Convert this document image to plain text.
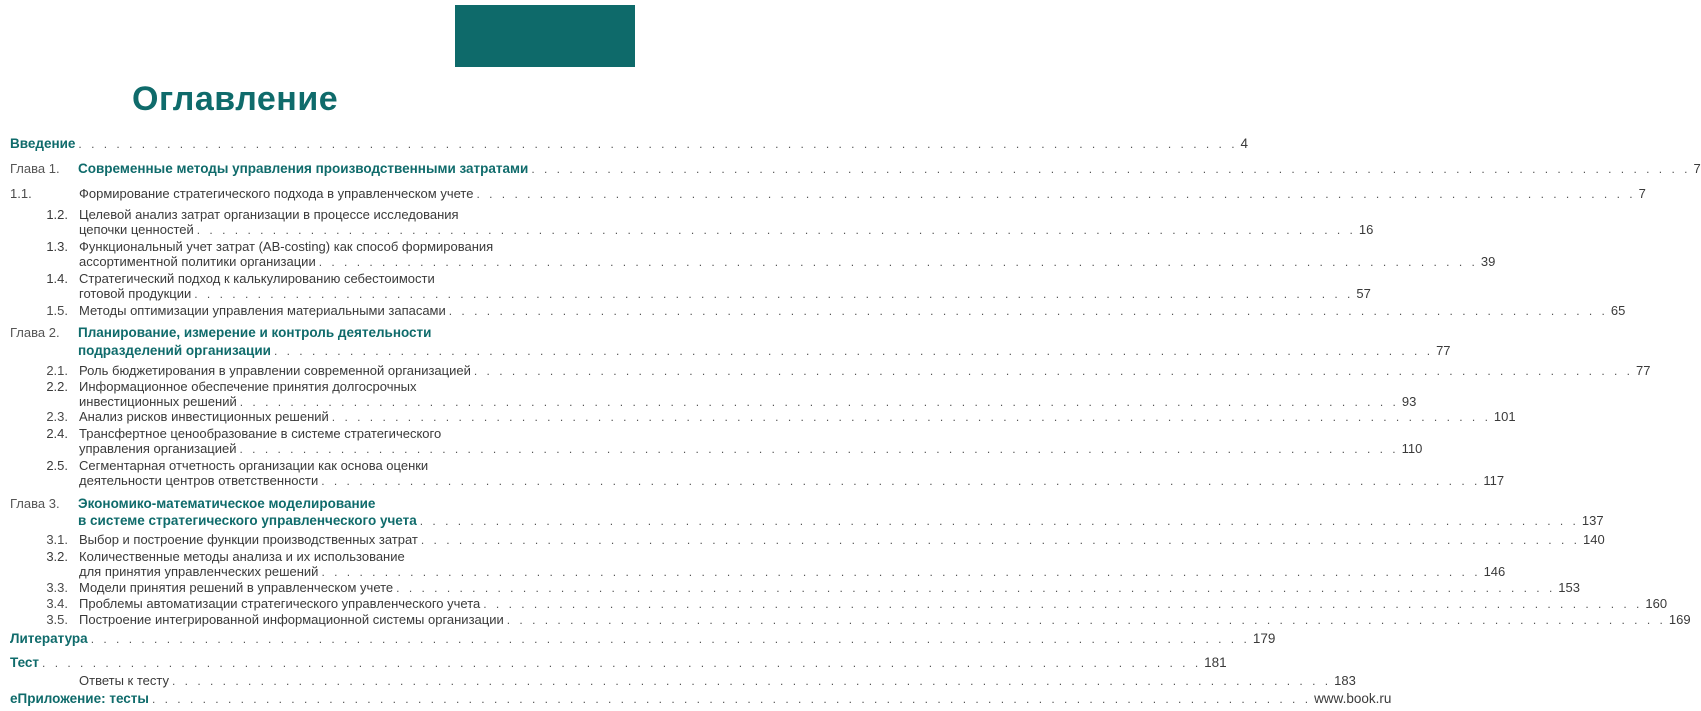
Оглавление
Введение . . . . . . . . . . . . . . . . . . . . . . . . . . . . . . . . . . . . . . . . . . . . . . . . . . . . . . . . . . . . . . . . . . . . . . . . . . . . . . . . . . . . . . . . . . . . 4
Глава 1.	Современные методы управления производственными затратами . . . . . . . . . . . . . . . . . . . . . . . . . . . . . . . . . . . . . . . . . . . . . . . . . . . . . . . . . . . . . . . . . . . . . . . . . . . . . . . . . . . . . . . . . . . . 7
1.1.	Формирование стратегического подхода в управленческом учете . . . . . . . . . . . . . . . . . . . . . . . . . . . . . . . . . . . . . . . . . . . . . . . . . . . . . . . . . . . . . . . . . . . . . . . . . . . . . . . . . . . . . . . . . . . . 7
1.2. Целевой анализ затрат организации в процессе исследования
цепочки ценностей . . . . . . . . . . . . . . . . . . . . . . . . . . . . . . . . . . . . . . . . . . . . . . . . . . . . . . . . . . . . . . . . . . . . . . . . . . . . . . . . . . . . . . . . . . . . 16
1.3. Функциональный учет затрат (AB-costing) как способ формирования
ассортиментной политики организации . . . . . . . . . . . . . . . . . . . . . . . . . . . . . . . . . . . . . . . . . . . . . . . . . . . . . . . . . . . . . . . . . . . . . . . . . . . . . . . . . . . . . . . . . . . . 39
1.4. Стратегический подход к калькулированию себестоимости
готовой продукции . . . . . . . . . . . . . . . . . . . . . . . . . . . . . . . . . . . . . . . . . . . . . . . . . . . . . . . . . . . . . . . . . . . . . . . . . . . . . . . . . . . . . . . . . . . . 57
1.5. Методы оптимизации управления материальными запасами . . . . . . . . . . . . . . . . . . . . . . . . . . . . . . . . . . . . . . . . . . . . . . . . . . . . . . . . . . . . . . . . . . . . . . . . . . . . . . . . . . . . . . . . . . . . 65
Глава 2. Планирование, измерение и контроль деятельности
подразделений организации . . . . . . . . . . . . . . . . . . . . . . . . . . . . . . . . . . . . . . . . . . . . . . . . . . . . . . . . . . . . . . . . . . . . . . . . . . . . . . . . . . . . . . . . . . . . 77
2.1. Роль бюджетирования в управлении современной организацией . . . . . . . . . . . . . . . . . . . . . . . . . . . . . . . . . . . . . . . . . . . . . . . . . . . . . . . . . . . . . . . . . . . . . . . . . . . . . . . . . . . . . . . . . . . . 77
2.2. Информационное обеспечение принятия долгосрочных
инвестиционных решений . . . . . . . . . . . . . . . . . . . . . . . . . . . . . . . . . . . . . . . . . . . . . . . . . . . . . . . . . . . . . . . . . . . . . . . . . . . . . . . . . . . . . . . . . . . . 93
2.3. Анализ рисков инвестиционных решений . . . . . . . . . . . . . . . . . . . . . . . . . . . . . . . . . . . . . . . . . . . . . . . . . . . . . . . . . . . . . . . . . . . . . . . . . . . . . . . . . . . . . . . . . . . . 101
2.4. Трансфертное ценообразование в системе стратегического
управления организацией . . . . . . . . . . . . . . . . . . . . . . . . . . . . . . . . . . . . . . . . . . . . . . . . . . . . . . . . . . . . . . . . . . . . . . . . . . . . . . . . . . . . . . . . . . . . 110
2.5. Сегментарная отчетность организации как основа оценки
деятельности центров ответственности . . . . . . . . . . . . . . . . . . . . . . . . . . . . . . . . . . . . . . . . . . . . . . . . . . . . . . . . . . . . . . . . . . . . . . . . . . . . . . . . . . . . . . . . . . . . 117
Глава 3. Экономико-математическое моделирование
в системе стратегического управленческого учета . . . . . . . . . . . . . . . . . . . . . . . . . . . . . . . . . . . . . . . . . . . . . . . . . . . . . . . . . . . . . . . . . . . . . . . . . . . . . . . . . . . . . . . . . . . . 137
3.1. Выбор и построение функции производственных затрат . . . . . . . . . . . . . . . . . . . . . . . . . . . . . . . . . . . . . . . . . . . . . . . . . . . . . . . . . . . . . . . . . . . . . . . . . . . . . . . . . . . . . . . . . . . . 140
3.2. Количественные методы анализа и их использование
для принятия управленческих решений . . . . . . . . . . . . . . . . . . . . . . . . . . . . . . . . . . . . . . . . . . . . . . . . . . . . . . . . . . . . . . . . . . . . . . . . . . . . . . . . . . . . . . . . . . . . 146
3.3. Модели принятия решений в управленческом учете . . . . . . . . . . . . . . . . . . . . . . . . . . . . . . . . . . . . . . . . . . . . . . . . . . . . . . . . . . . . . . . . . . . . . . . . . . . . . . . . . . . . . . . . . . . . 153
3.4. Проблемы автоматизации стратегического управленческого учета . . . . . . . . . . . . . . . . . . . . . . . . . . . . . . . . . . . . . . . . . . . . . . . . . . . . . . . . . . . . . . . . . . . . . . . . . . . . . . . . . . . . . . . . . . . . 160
3.5. Построение интегрированной информационной системы организации . . . . . . . . . . . . . . . . . . . . . . . . . . . . . . . . . . . . . . . . . . . . . . . . . . . . . . . . . . . . . . . . . . . . . . . . . . . . . . . . . . . . . . . . . . . . 169
Литература . . . . . . . . . . . . . . . . . . . . . . . . . . . . . . . . . . . . . . . . . . . . . . . . . . . . . . . . . . . . . . . . . . . . . . . . . . . . . . . . . . . . . . . . . . . . 179
Тест . . . . . . . . . . . . . . . . . . . . . . . . . . . . . . . . . . . . . . . . . . . . . . . . . . . . . . . . . . . . . . . . . . . . . . . . . . . . . . . . . . . . . . . . . . . . 181
Ответы к тесту . . . . . . . . . . . . . . . . . . . . . . . . . . . . . . . . . . . . . . . . . . . . . . . . . . . . . . . . . . . . . . . . . . . . . . . . . . . . . . . . . . . . . . . . . . . . 183
еПриложение: тесты . . . . . . . . . . . . . . . . . . . . . . . . . . . . . . . . . . . . . . . . . . . . . . . . . . . . . . . . . . . . . . . . . . . . . . . . . . . . . . . . . . . . . . . . . . . . www.book.ru
